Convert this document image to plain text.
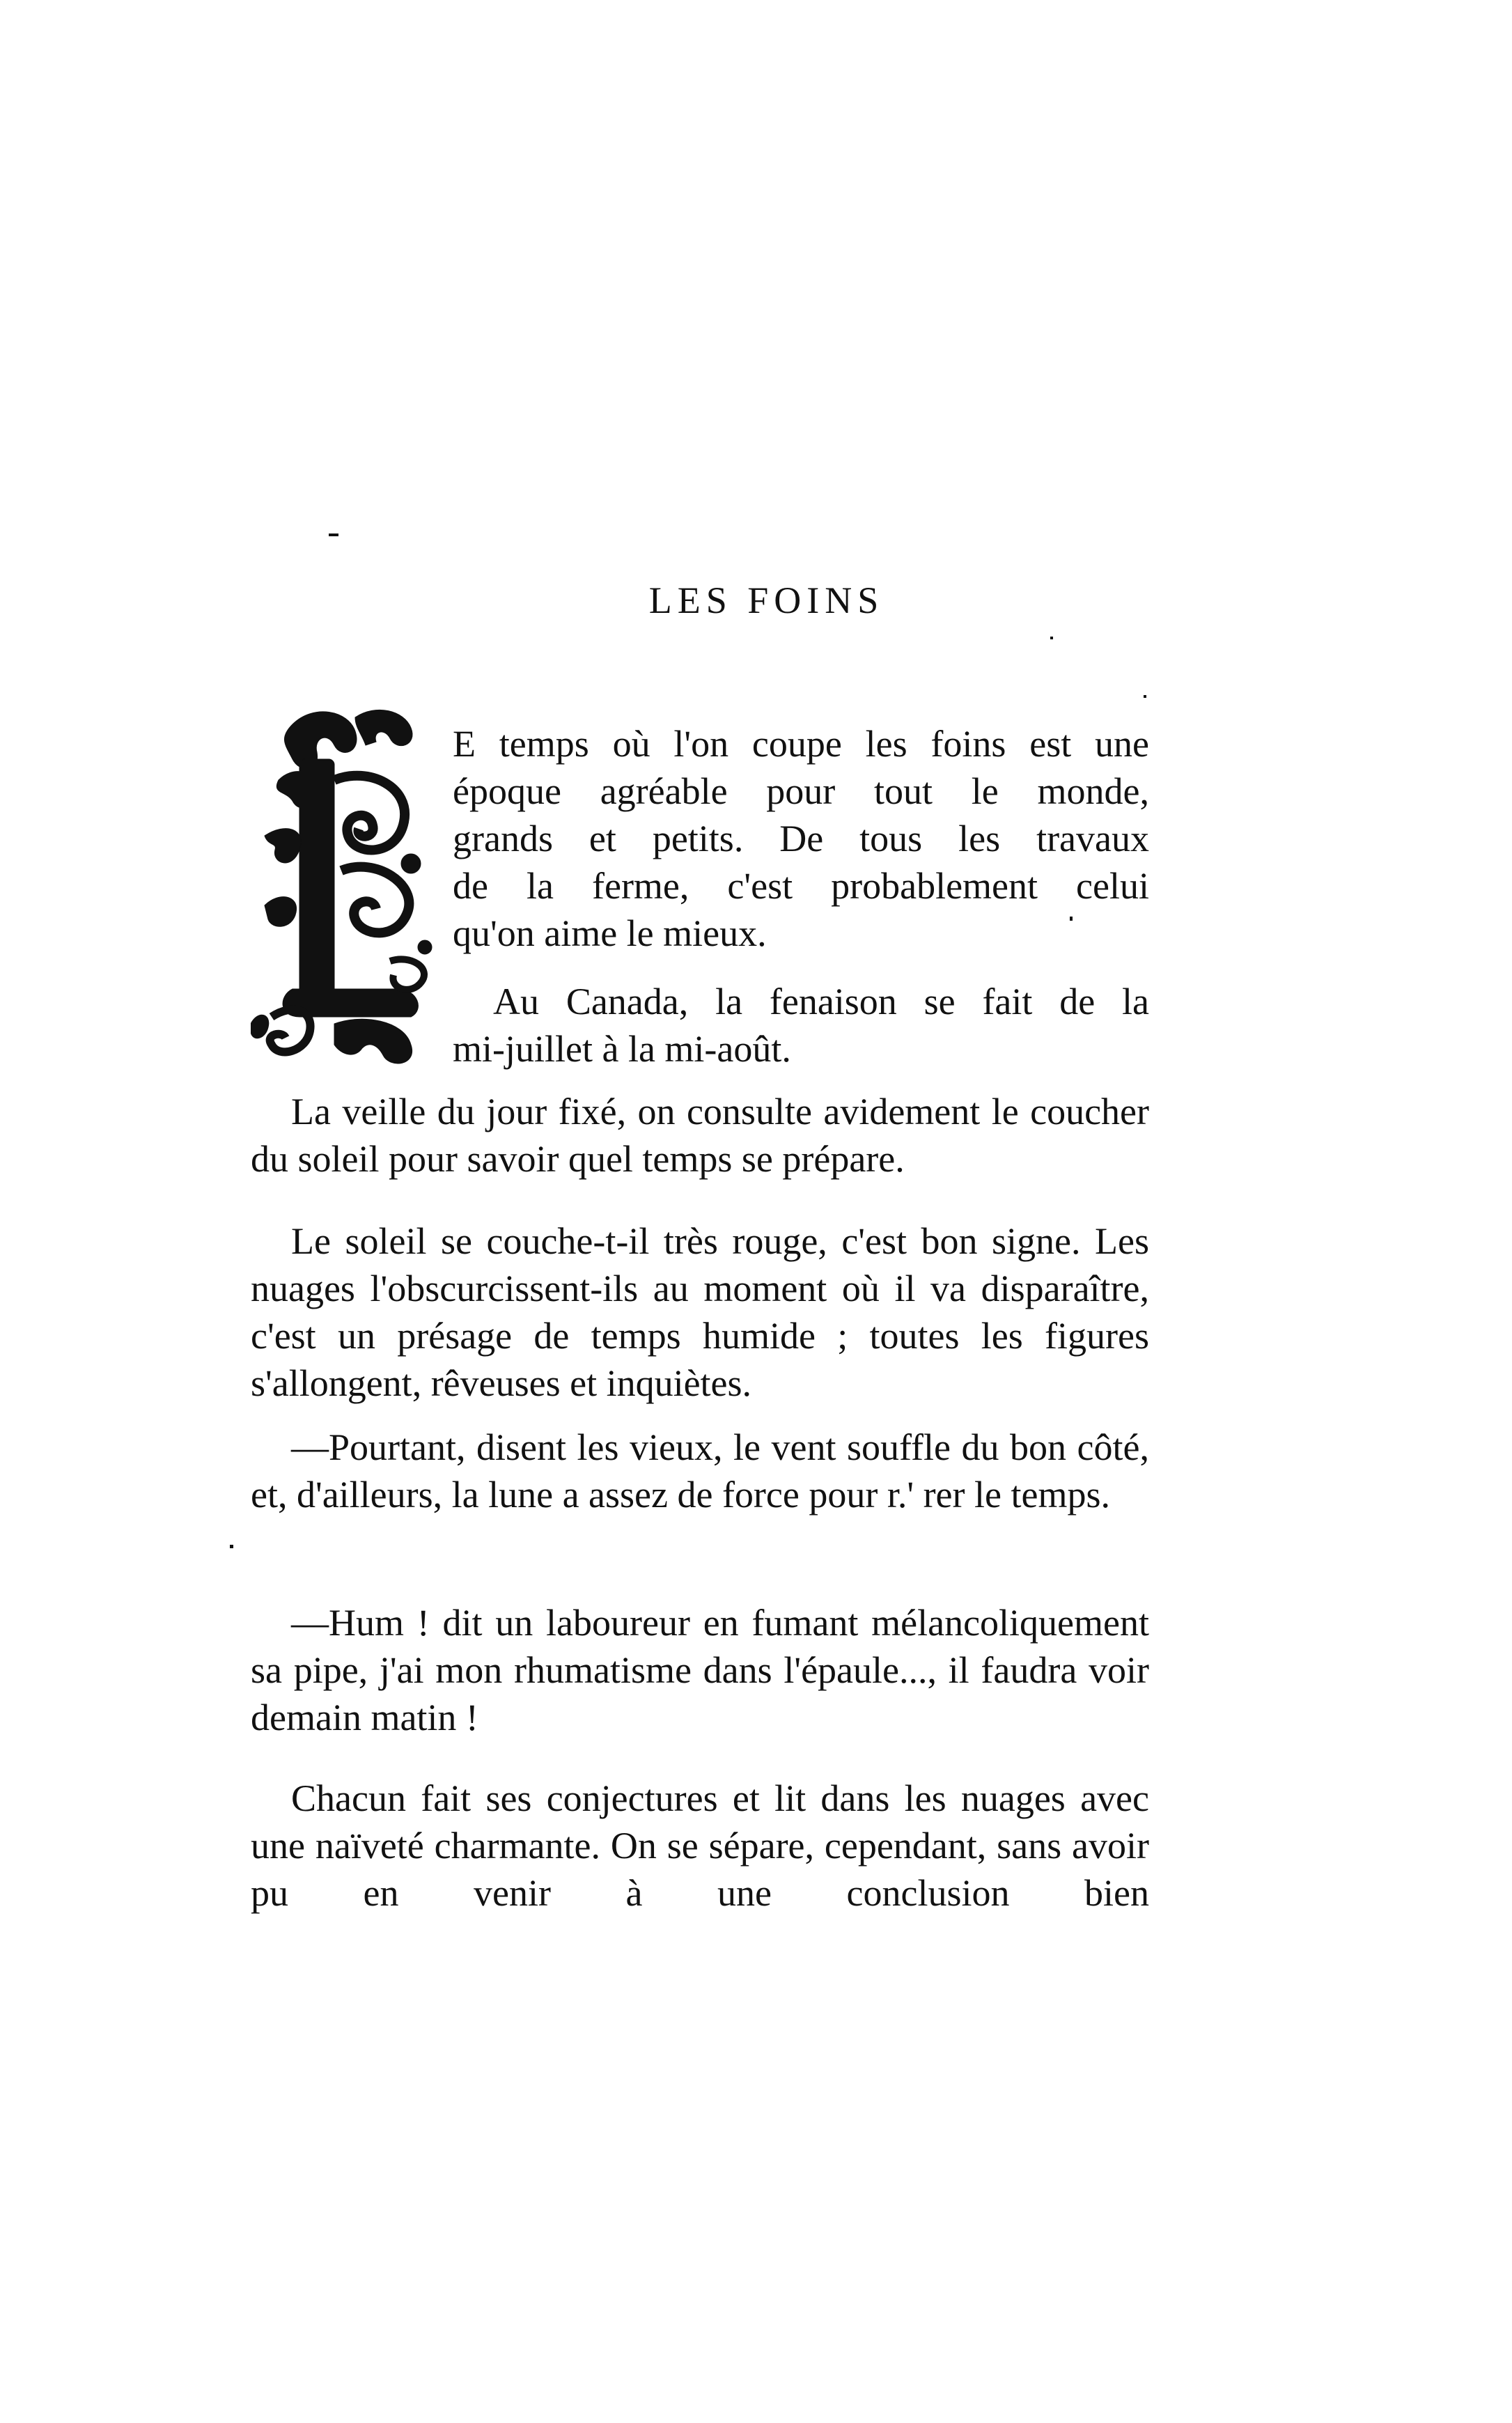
LES FOINS

E temps où l'on coupe les foins est une

époque agréable pour tout le monde,

grands et petits. De tous les travaux

de la ferme, c'est probablement celui

qu'on aime le mieux.

Au Canada, la fenaison se fait de la

mi-juillet à la mi-août.

La veille du jour fixé, on consulte avidement le coucher du soleil pour savoir quel temps se prépare.

Le soleil se couche-t-il très rouge, c'est bon signe. Les nuages l'obscurcissent-ils au moment où il va disparaître, c'est un présage de temps humide ; toutes les figures s'allongent, rêveuses et inquiètes.

—Pourtant, disent les vieux, le vent souffle du bon côté, et, d'ailleurs, la lune a assez de force pour r.' rer le temps.

—Hum ! dit un laboureur en fumant mélancoliquement sa pipe, j'ai mon rhumatisme dans l'épaule..., il faudra voir demain matin !

Chacun fait ses conjectures et lit dans les nuages avec une naïveté charmante. On se sépare, cependant, sans avoir pu en venir à une conclusion bien
